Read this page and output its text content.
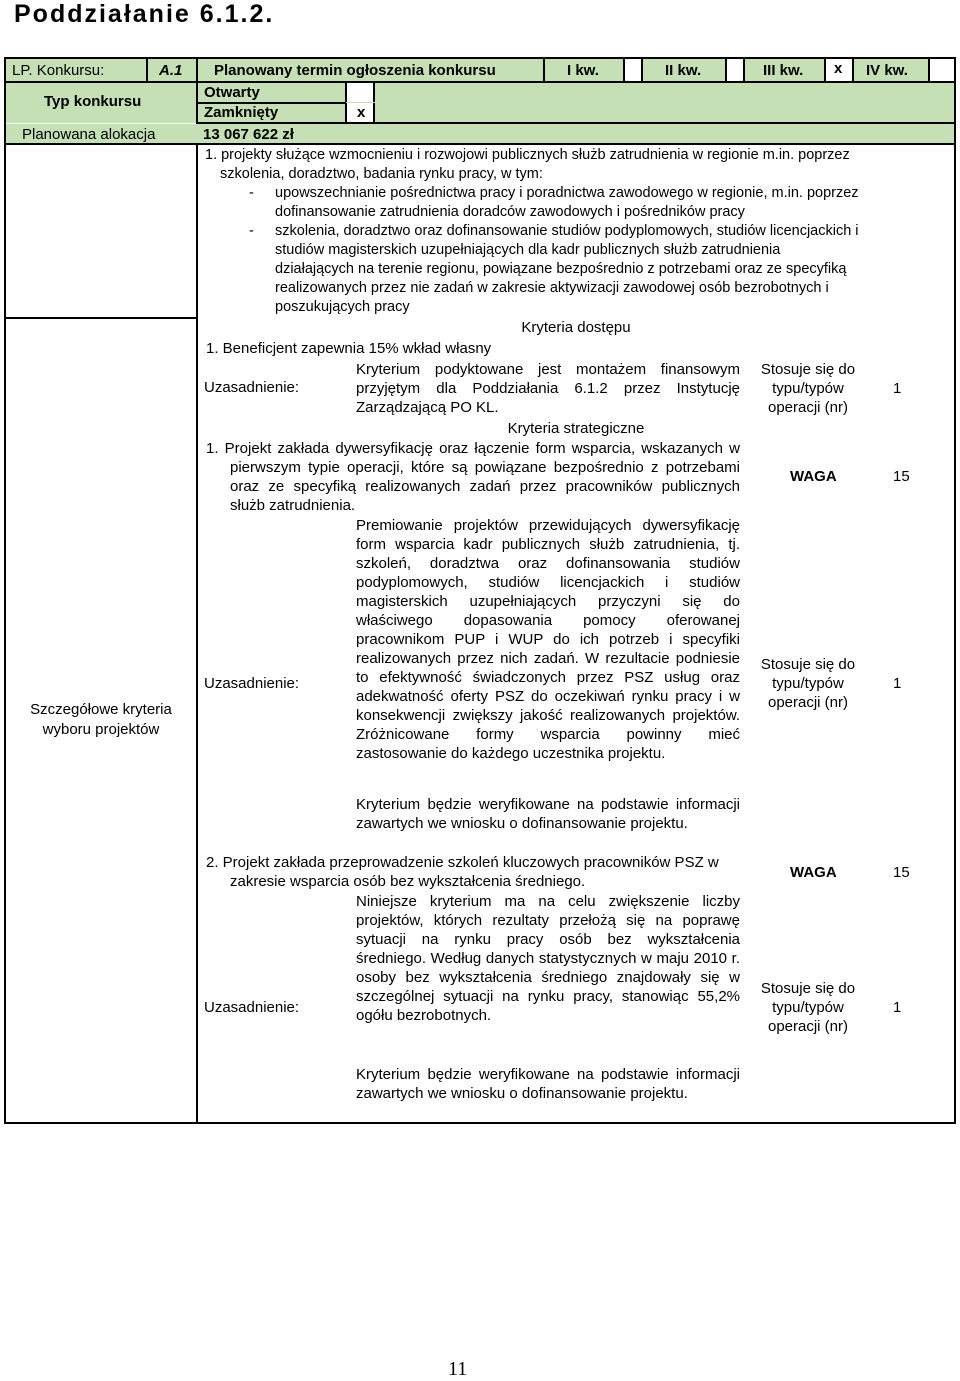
Poddziałanie 6.1.2.
LP. Konkursu:	A.1 Planowany termin ogłoszenia konkursu	I kw.	II kw.	III kw.	x	IV kw.
Typ konkursu
Otwarty
Zamknięty	x
Planowana alokacja	13 067 622 zł
1. projekty służące wzmocnieniu i rozwojowi publicznych służb zatrudnienia w regionie m.in. poprzez
szkolenia, doradztwo, badania rynku pracy, w tym:
- upowszechnianie pośrednictwa pracy i poradnictwa zawodowego w regionie, m.in. poprzez
dofinansowanie zatrudnienia doradców zawodowych i pośredników pracy
- szkolenia, doradztwo oraz dofinansowanie studiów podyplomowych, studiów licencjackich i
studiów magisterskich uzupełniających dla kadr publicznych służb zatrudnienia
działających na terenie regionu, powiązane bezpośrednio z potrzebami oraz ze specyfiką
realizowanych przez nie zadań w zakresie aktywizacji zawodowej osób bezrobotnych i
poszukujących pracy
Szczegółowe kryteria
wyboru projektów
Kryteria dostępu
1. Beneficjent zapewnia 15% wkład własny
Uzasadnienie:
Kryterium podyktowane jest montażem finansowym przyjętym dla Poddziałania 6.1.2 przez Instytucję Zarządzającą PO KL.
Stosuje się do
typu/typów
operacji (nr)
1
Kryteria strategiczne
1. Projekt zakłada dywersyfikację oraz łączenie form wsparcia, wskazanych w pierwszym typie operacji, które są powiązane bezpośrednio z potrzebami oraz ze specyfiką realizowanych zadań przez pracowników publicznych służb zatrudnienia.
WAGA	15
Uzasadnienie:
Premiowanie projektów przewidujących dywersyfikację form wsparcia kadr publicznych służb zatrudnienia, tj. szkoleń, doradztwa oraz dofinansowania studiów podyplomowych, studiów licencjackich i studiów magisterskich uzupełniających przyczyni się do właściwego dopasowania pomocy oferowanej pracownikom PUP i WUP do ich potrzeb i specyfiki realizowanych przez nich zadań. W rezultacie podniesie to efektywność świadczonych przez PSZ usług oraz adekwatność oferty PSZ do oczekiwań rynku pracy i w konsekwencji zwiększy jakość realizowanych projektów. Zróżnicowane formy wsparcia powinny mieć zastosowanie do każdego uczestnika projektu.
Kryterium będzie weryfikowane na podstawie informacji zawartych we wniosku o dofinansowanie projektu.
Stosuje się do
typu/typów
operacji (nr)
1
2. Projekt zakłada przeprowadzenie szkoleń kluczowych pracowników PSZ w zakresie wsparcia osób bez wykształcenia średniego.
WAGA	15
Uzasadnienie:
Niniejsze kryterium ma na celu zwiększenie liczby projektów, których rezultaty przełożą się na poprawę sytuacji na rynku pracy osób bez wykształcenia średniego. Według danych statystycznych w maju 2010 r. osoby bez wykształcenia średniego znajdowały się w szczególnej sytuacji na rynku pracy, stanowiąc 55,2% ogółu bezrobotnych.
Kryterium będzie weryfikowane na podstawie informacji zawartych we wniosku o dofinansowanie projektu.
Stosuje się do
typu/typów
operacji (nr)
1
11
